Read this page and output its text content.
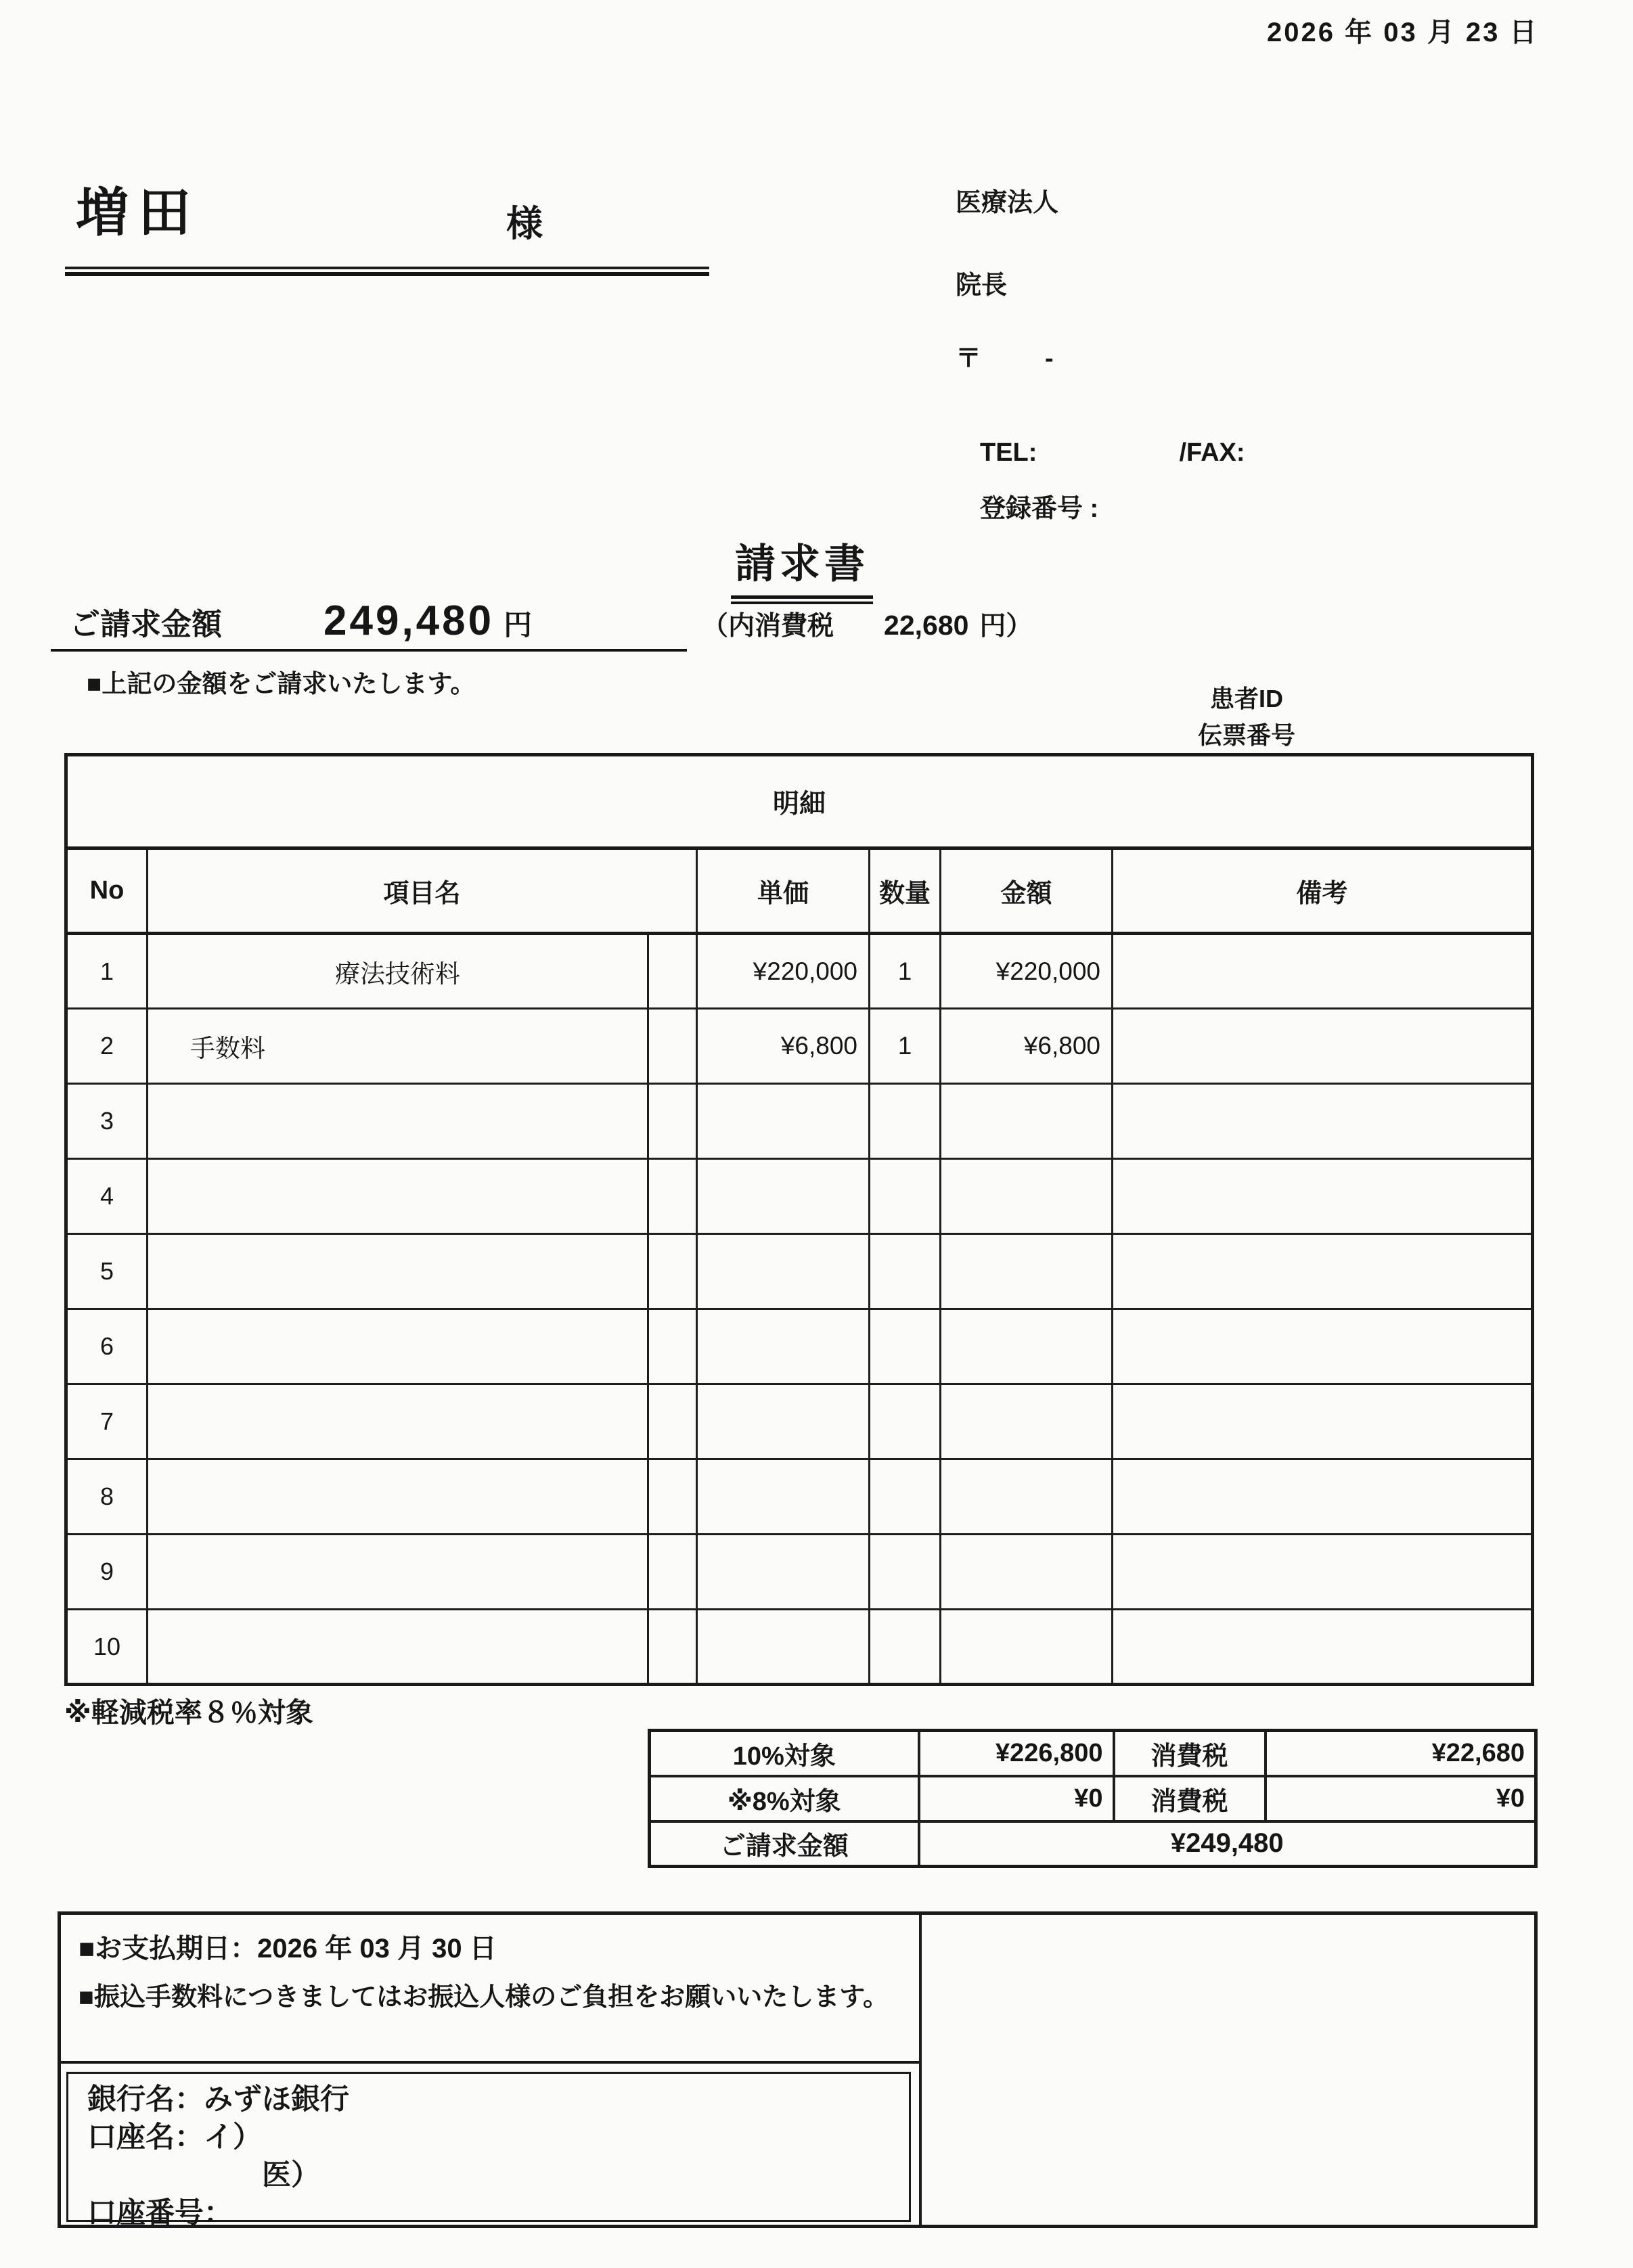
2026 年 03 月 23 日
増田	様
医療法人
院長
〒　　-
TEL:	/FAX:
登録番号 :
請求書
ご請求金額 249,480 円	（内消費税 22,680 円）
■上記の金額をご請求いたします。
患者ID
伝票番号
明細						
No	項目名		単価	数量	金額	備考
1	療法技術料		¥220,000	1	¥220,000	
2	手数料		¥6,800	1	¥6,800	
3						
4						
5						
6						
7						
8						
9						
10						
※軽減税率８％対象
10%対象	¥226,800	消費税	¥22,680
※8%対象	¥0	消費税	¥0
ご請求金額	¥249,480		
■お支払期日：2026 年 03 月 30 日
■振込手数料につきましてはお振込人様のご負担をお願いいたします。
銀行名：みずほ銀行
口座名：イ）
医）
口座番号：
